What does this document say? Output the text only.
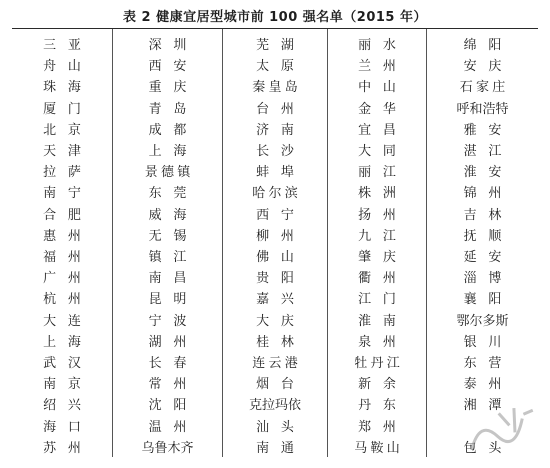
表 2 健康宜居型城市前 100 强名单（2015 年）
三亚
舟山
珠海
厦门
北京
天津
拉萨
南宁
合肥
惠州
福州
广州
杭州
大连
上海
武汉
南京
绍兴
海口
苏州
深圳
西安
重庆
青岛
成都
上海
景德镇
东莞
威海
无锡
镇江
南昌
昆明
宁波
湖州
长春
常州
沈阳
温州
乌鲁木齐
芜湖
太原
秦皇岛
台州
济南
长沙
蚌埠
哈尔滨
西宁
柳州
佛山
贵阳
嘉兴
大庆
桂林
连云港
烟台
克拉玛依
汕头
南通
丽水
兰州
中山
金华
宜昌
大同
丽江
株洲
扬州
九江
肇庆
衢州
江门
淮南
泉州
牡丹江
新余
丹东
郑州
马鞍山
绵阳
安庆
石家庄
呼和浩特
雅安
湛江
淮安
锦州
吉林
抚顺
延安
淄博
襄阳
鄂尔多斯
银川
东营
泰州
湘潭
包头
